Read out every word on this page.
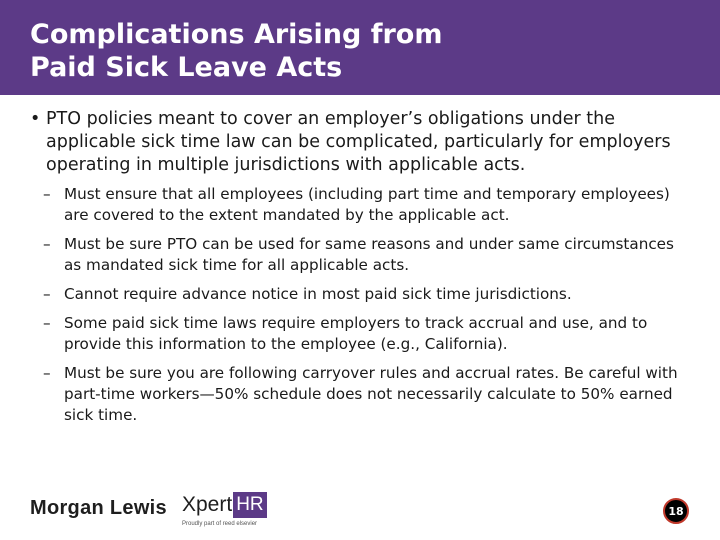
Complications Arising from
Paid Sick Leave Acts

• PTO policies meant to cover an employer’s obligations under the applicable sick time law can be complicated, particularly for employers operating in multiple jurisdictions with applicable acts.

– Must ensure that all employees (including part time and temporary employees) are covered to the extent mandated by the applicable act.
– Must be sure PTO can be used for same reasons and under same circumstances as mandated sick time for all applicable acts.
– Cannot require advance notice in most paid sick time jurisdictions.
– Some paid sick time laws require employers to track accrual and use, and to provide this information to the employee (e.g., California).
– Must be sure you are following carryover rules and accrual rates. Be careful with part-time workers—50% schedule does not necessarily calculate to 50% earned sick time.
Morgan Lewis Xpert HR
Proudly part of reed elsevier
18
